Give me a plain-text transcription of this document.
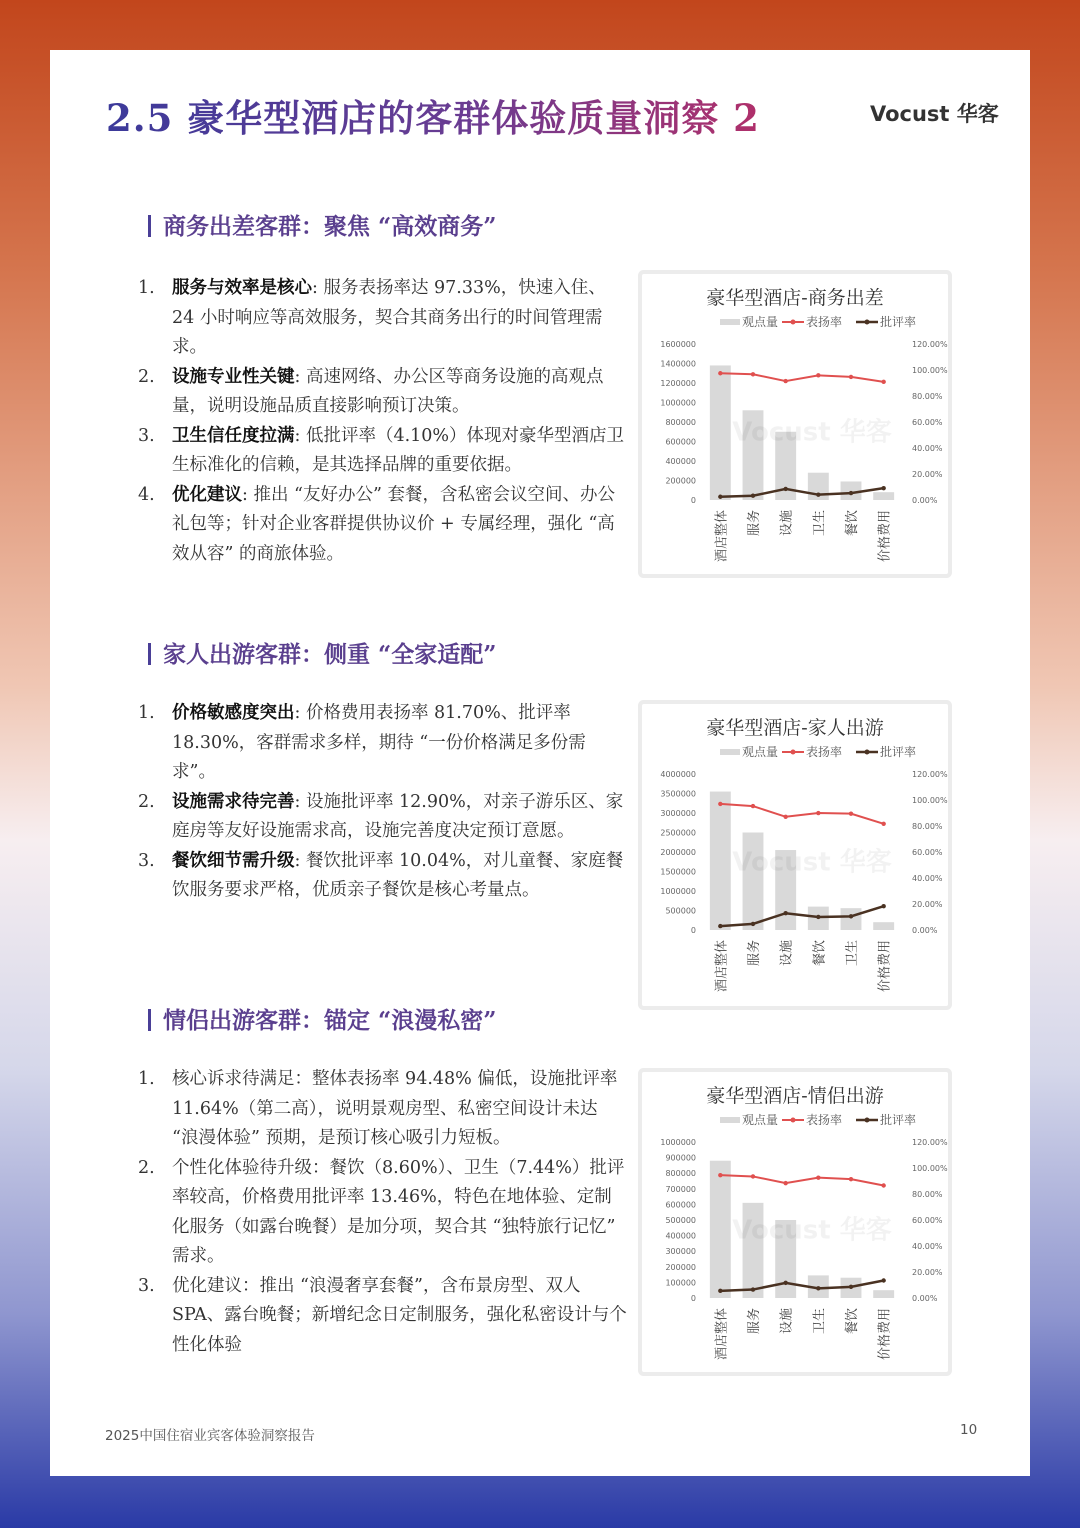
2.5 豪华型酒店的客群体验质量洞察 2	Vocust 华客
商务出差客群：聚焦 “高效商务”
1. 服务与效率是核心: 服务表扬率达 97.33%，快速入住、24 小时响应等高效服务，契合其商务出行的时间管理需求。
2. 设施专业性关键: 高速网络、办公区等商务设施的高观点量，说明设施品质直接影响预订决策。
3. 卫生信任度拉满: 低批评率（4.10%）体现对豪华型酒店卫生标准化的信赖，是其选择品牌的重要依据。
4. 优化建议: 推出 “友好办公” 套餐，含私密会议空间、办公礼包等；针对企业客群提供协议价 + 专属经理，强化 “高效从容” 的商旅体验。
豪华型酒店-商务出差
观点量 表扬率	批评率
1600000
1400000
1200000
1000000
800000
600000
400000
200000
0
120.00%
100.00%
80.00%
60.00%
40.00%
20.00%
0.00%
Vocust 华客
酒店整体 服务 设施 卫生 餐饮 价格费用
家人出游客群：侧重 “全家适配”
1. 价格敏感度突出: 价格费用表扬率 81.70%、批评率 18.30%，客群需求多样，期待 “一份价格满足多份需求”。
2. 设施需求待完善: 设施批评率 12.90%，对亲子游乐区、家庭房等友好设施需求高，设施完善度决定预订意愿。
3. 餐饮细节需升级: 餐饮批评率 10.04%，对儿童餐、家庭餐饮服务要求严格，优质亲子餐饮是核心考量点。
豪华型酒店-家人出游
观点量 表扬率	批评率
4000000
3500000
3000000
2500000
2000000
1500000
1000000
500000
0
120.00%
100.00%
80.00%
60.00%
40.00%
20.00%
0.00%
Vocust 华客
酒店整体 服务 设施 餐饮 卫生 价格费用
情侣出游客群：锚定 “浪漫私密”
1. 核心诉求待满足：整体表扬率 94.48% 偏低，设施批评率 11.64%（第二高），说明景观房型、私密空间设计未达 “浪漫体验” 预期，是预订核心吸引力短板。
2. 个性化体验待升级：餐饮（8.60%）、卫生（7.44%）批评率较高，价格费用批评率 13.46%，特色在地体验、定制化服务（如露台晚餐）是加分项，契合其 “独特旅行记忆” 需求。
3. 优化建议：推出 “浪漫奢享套餐”，含布景房型、双人 SPA、露台晚餐；新增纪念日定制服务，强化私密设计与个性化体验
豪华型酒店-情侣出游
观点量 表扬率	批评率
1000000
900000
800000
700000
600000
500000
400000
300000
200000
100000
0
120.00%
100.00%
80.00%
60.00%
40.00%
20.00%
0.00%
Vocust 华客
酒店整体 服务 设施 卫生 餐饮 价格费用
2025中国住宿业宾客体验洞察报告	10
